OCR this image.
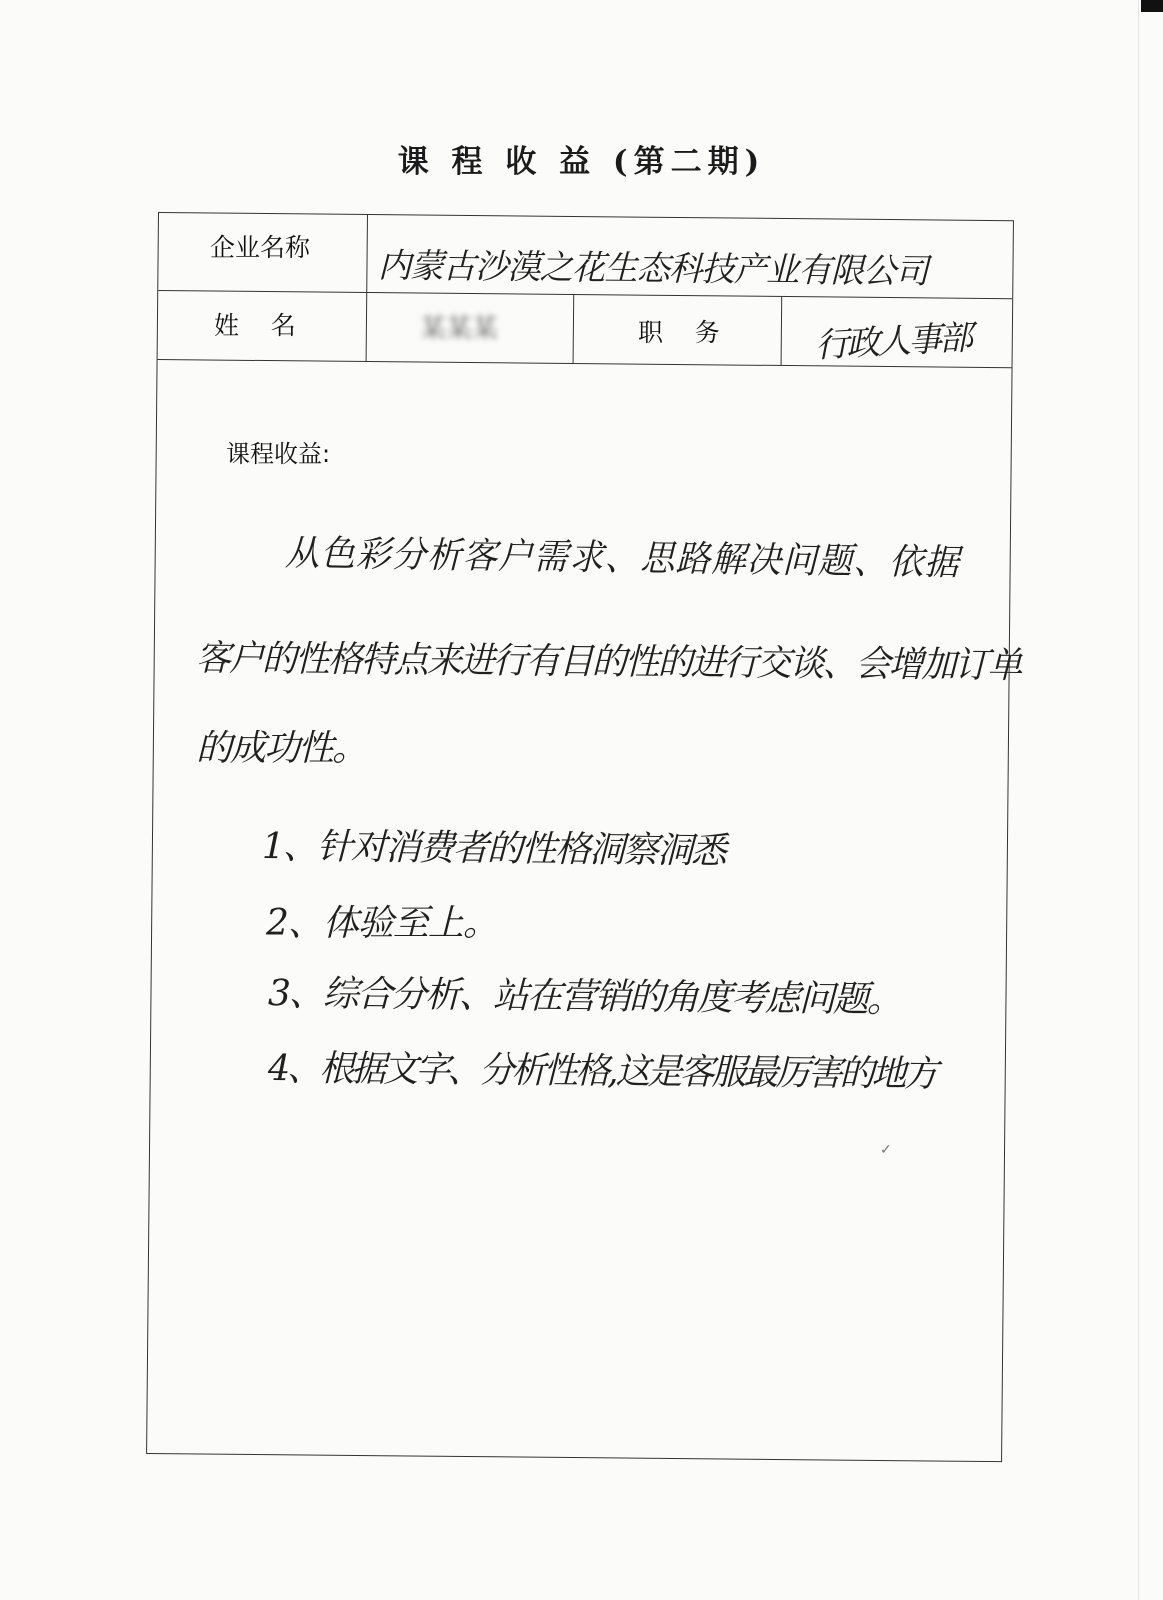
课 程 收 益 (第二期)
企业名称 内蒙古沙漠之花生态科技产业有限公司
姓    名	某某某	职    务	行政人事部
课程收益:
从色彩分析客户需求、思路解决问题、依据
客户的性格特点来进行有目的性的进行交谈、会增加订单
的成功性。
1、针对消费者的性格洞察洞悉
2、体验至上。
3、综合分析、站在营销的角度考虑问题。
4、根据文字、分析性格,这是客服最厉害的地方
✓
